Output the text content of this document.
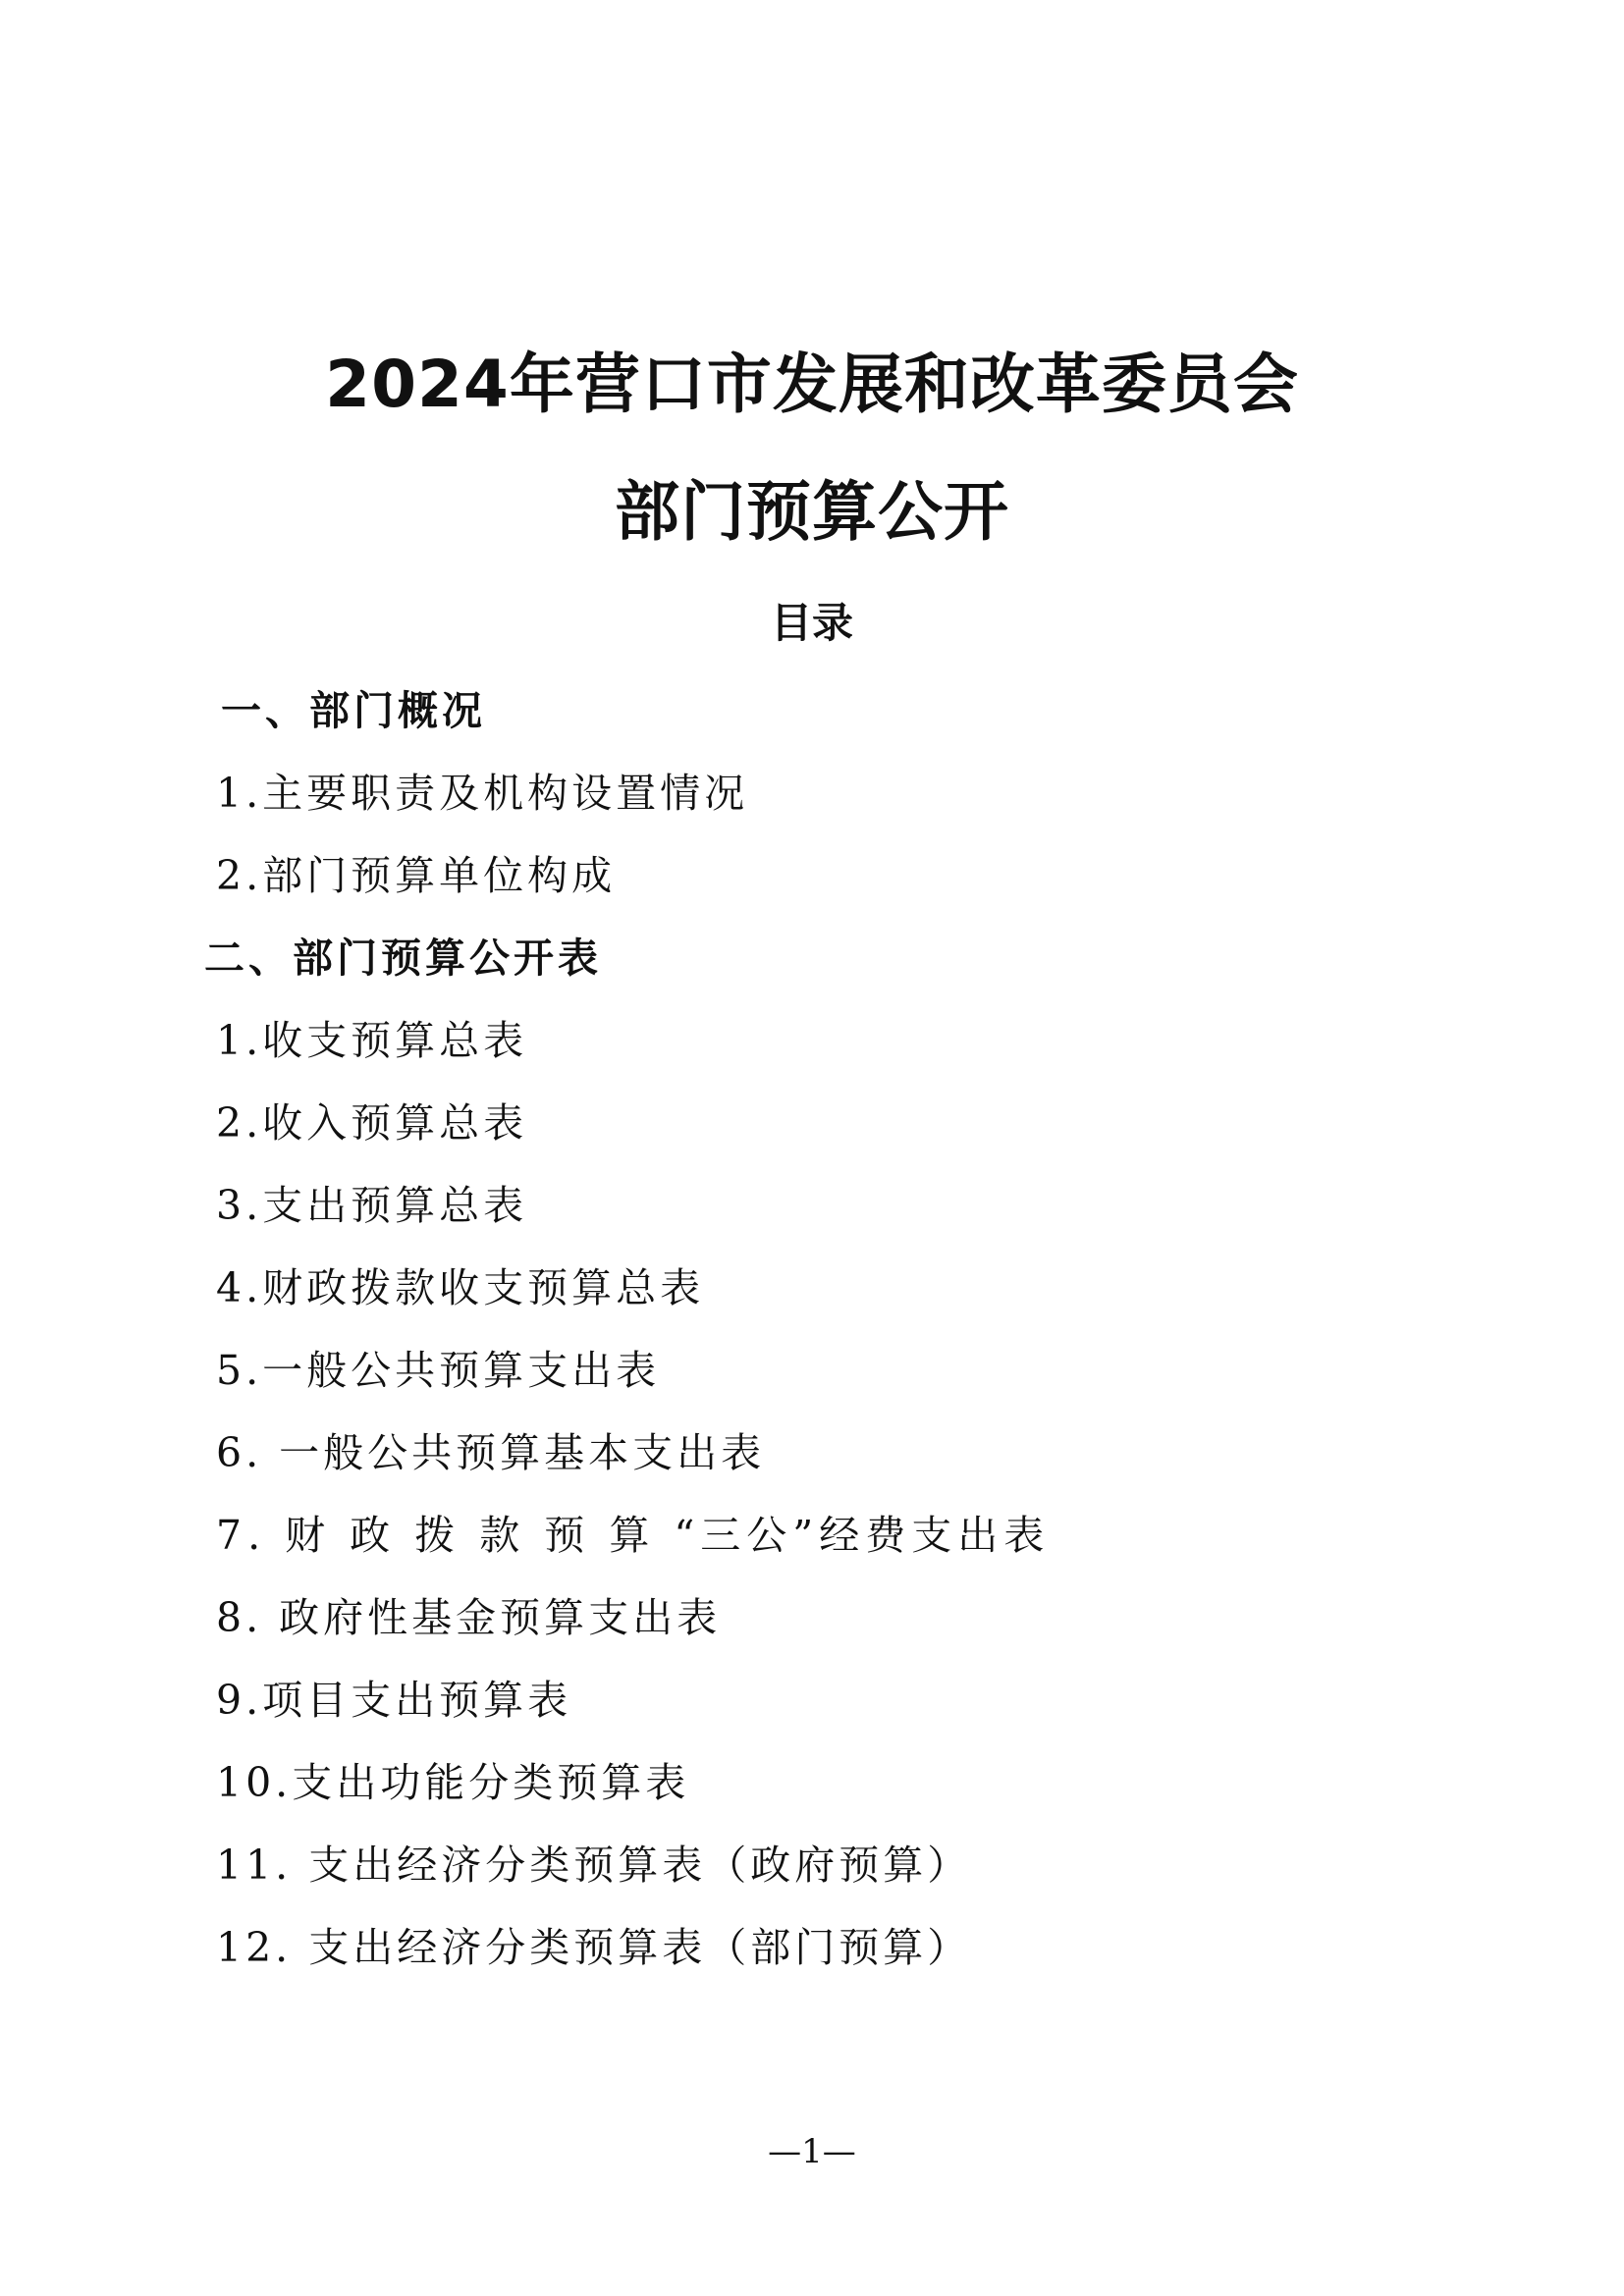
2024年营口市发展和改革委员会
部门预算公开
目录
一、部门概况
1.主要职责及机构设置情况
2.部门预算单位构成
二、部门预算公开表
1.收支预算总表
2.收入预算总表
3.支出预算总表
4.财政拨款收支预算总表
5.一般公共预算支出表
6. 一般公共预算基本支出表
7. 财 政 拨 款 预 算 “三公”经费支出表
8. 政府性基金预算支出表
9.项目支出预算表
10.支出功能分类预算表
11. 支出经济分类预算表（政府预算）
12. 支出经济分类预算表（部门预算）
—1—
